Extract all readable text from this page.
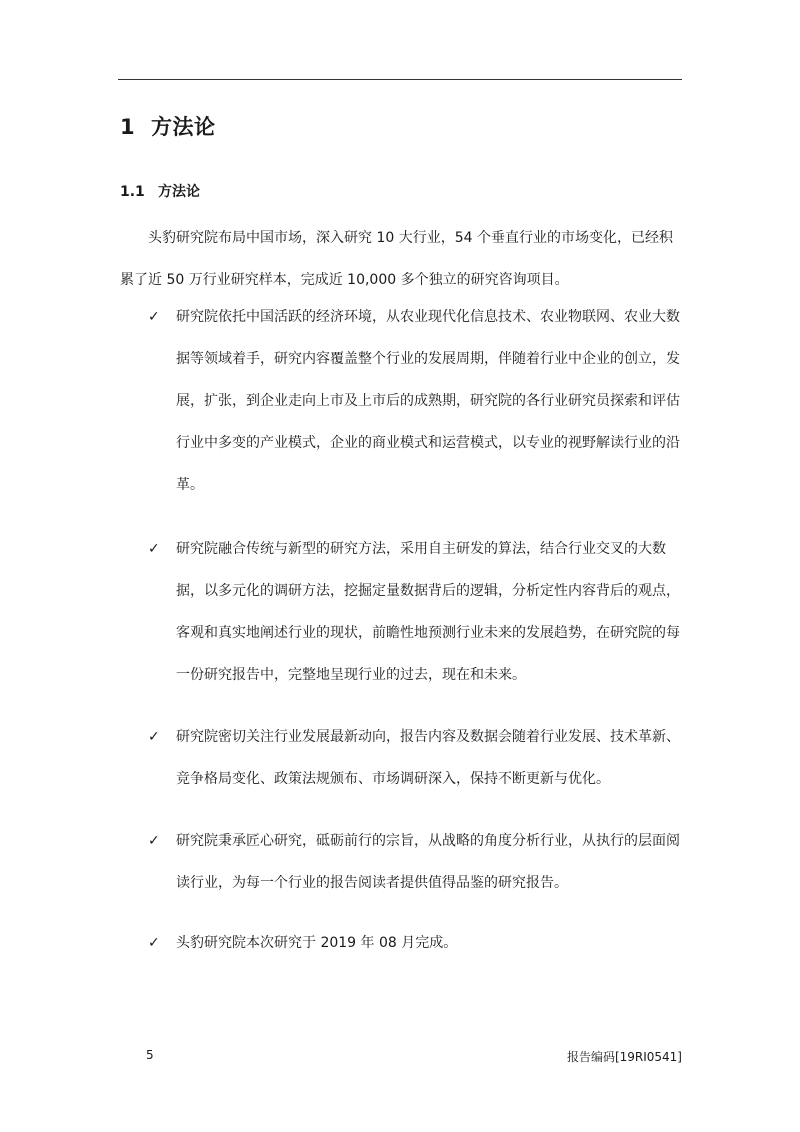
1 方法论
1.1 方法论
头豹研究院布局中国市场，深入研究 10 大行业，54 个垂直行业的市场变化，已经积累了近 50 万行业研究样本，完成近 10,000 多个独立的研究咨询项目。
✓ 研究院依托中国活跃的经济环境，从农业现代化信息技术、农业物联网、农业大数据等领域着手，研究内容覆盖整个行业的发展周期，伴随着行业中企业的创立，发展，扩张，到企业走向上市及上市后的成熟期，研究院的各行业研究员探索和评估行业中多变的产业模式，企业的商业模式和运营模式，以专业的视野解读行业的沿革。
✓ 研究院融合传统与新型的研究方法，采用自主研发的算法，结合行业交叉的大数据，以多元化的调研方法，挖掘定量数据背后的逻辑，分析定性内容背后的观点，客观和真实地阐述行业的现状，前瞻性地预测行业未来的发展趋势，在研究院的每一份研究报告中，完整地呈现行业的过去，现在和未来。
✓ 研究院密切关注行业发展最新动向，报告内容及数据会随着行业发展、技术革新、竞争格局变化、政策法规颁布、市场调研深入，保持不断更新与优化。
✓ 研究院秉承匠心研究，砥砺前行的宗旨，从战略的角度分析行业，从执行的层面阅读行业，为每一个行业的报告阅读者提供值得品鉴的研究报告。
✓ 头豹研究院本次研究于 2019 年 08 月完成。
5	报告编码[19RI0541]
